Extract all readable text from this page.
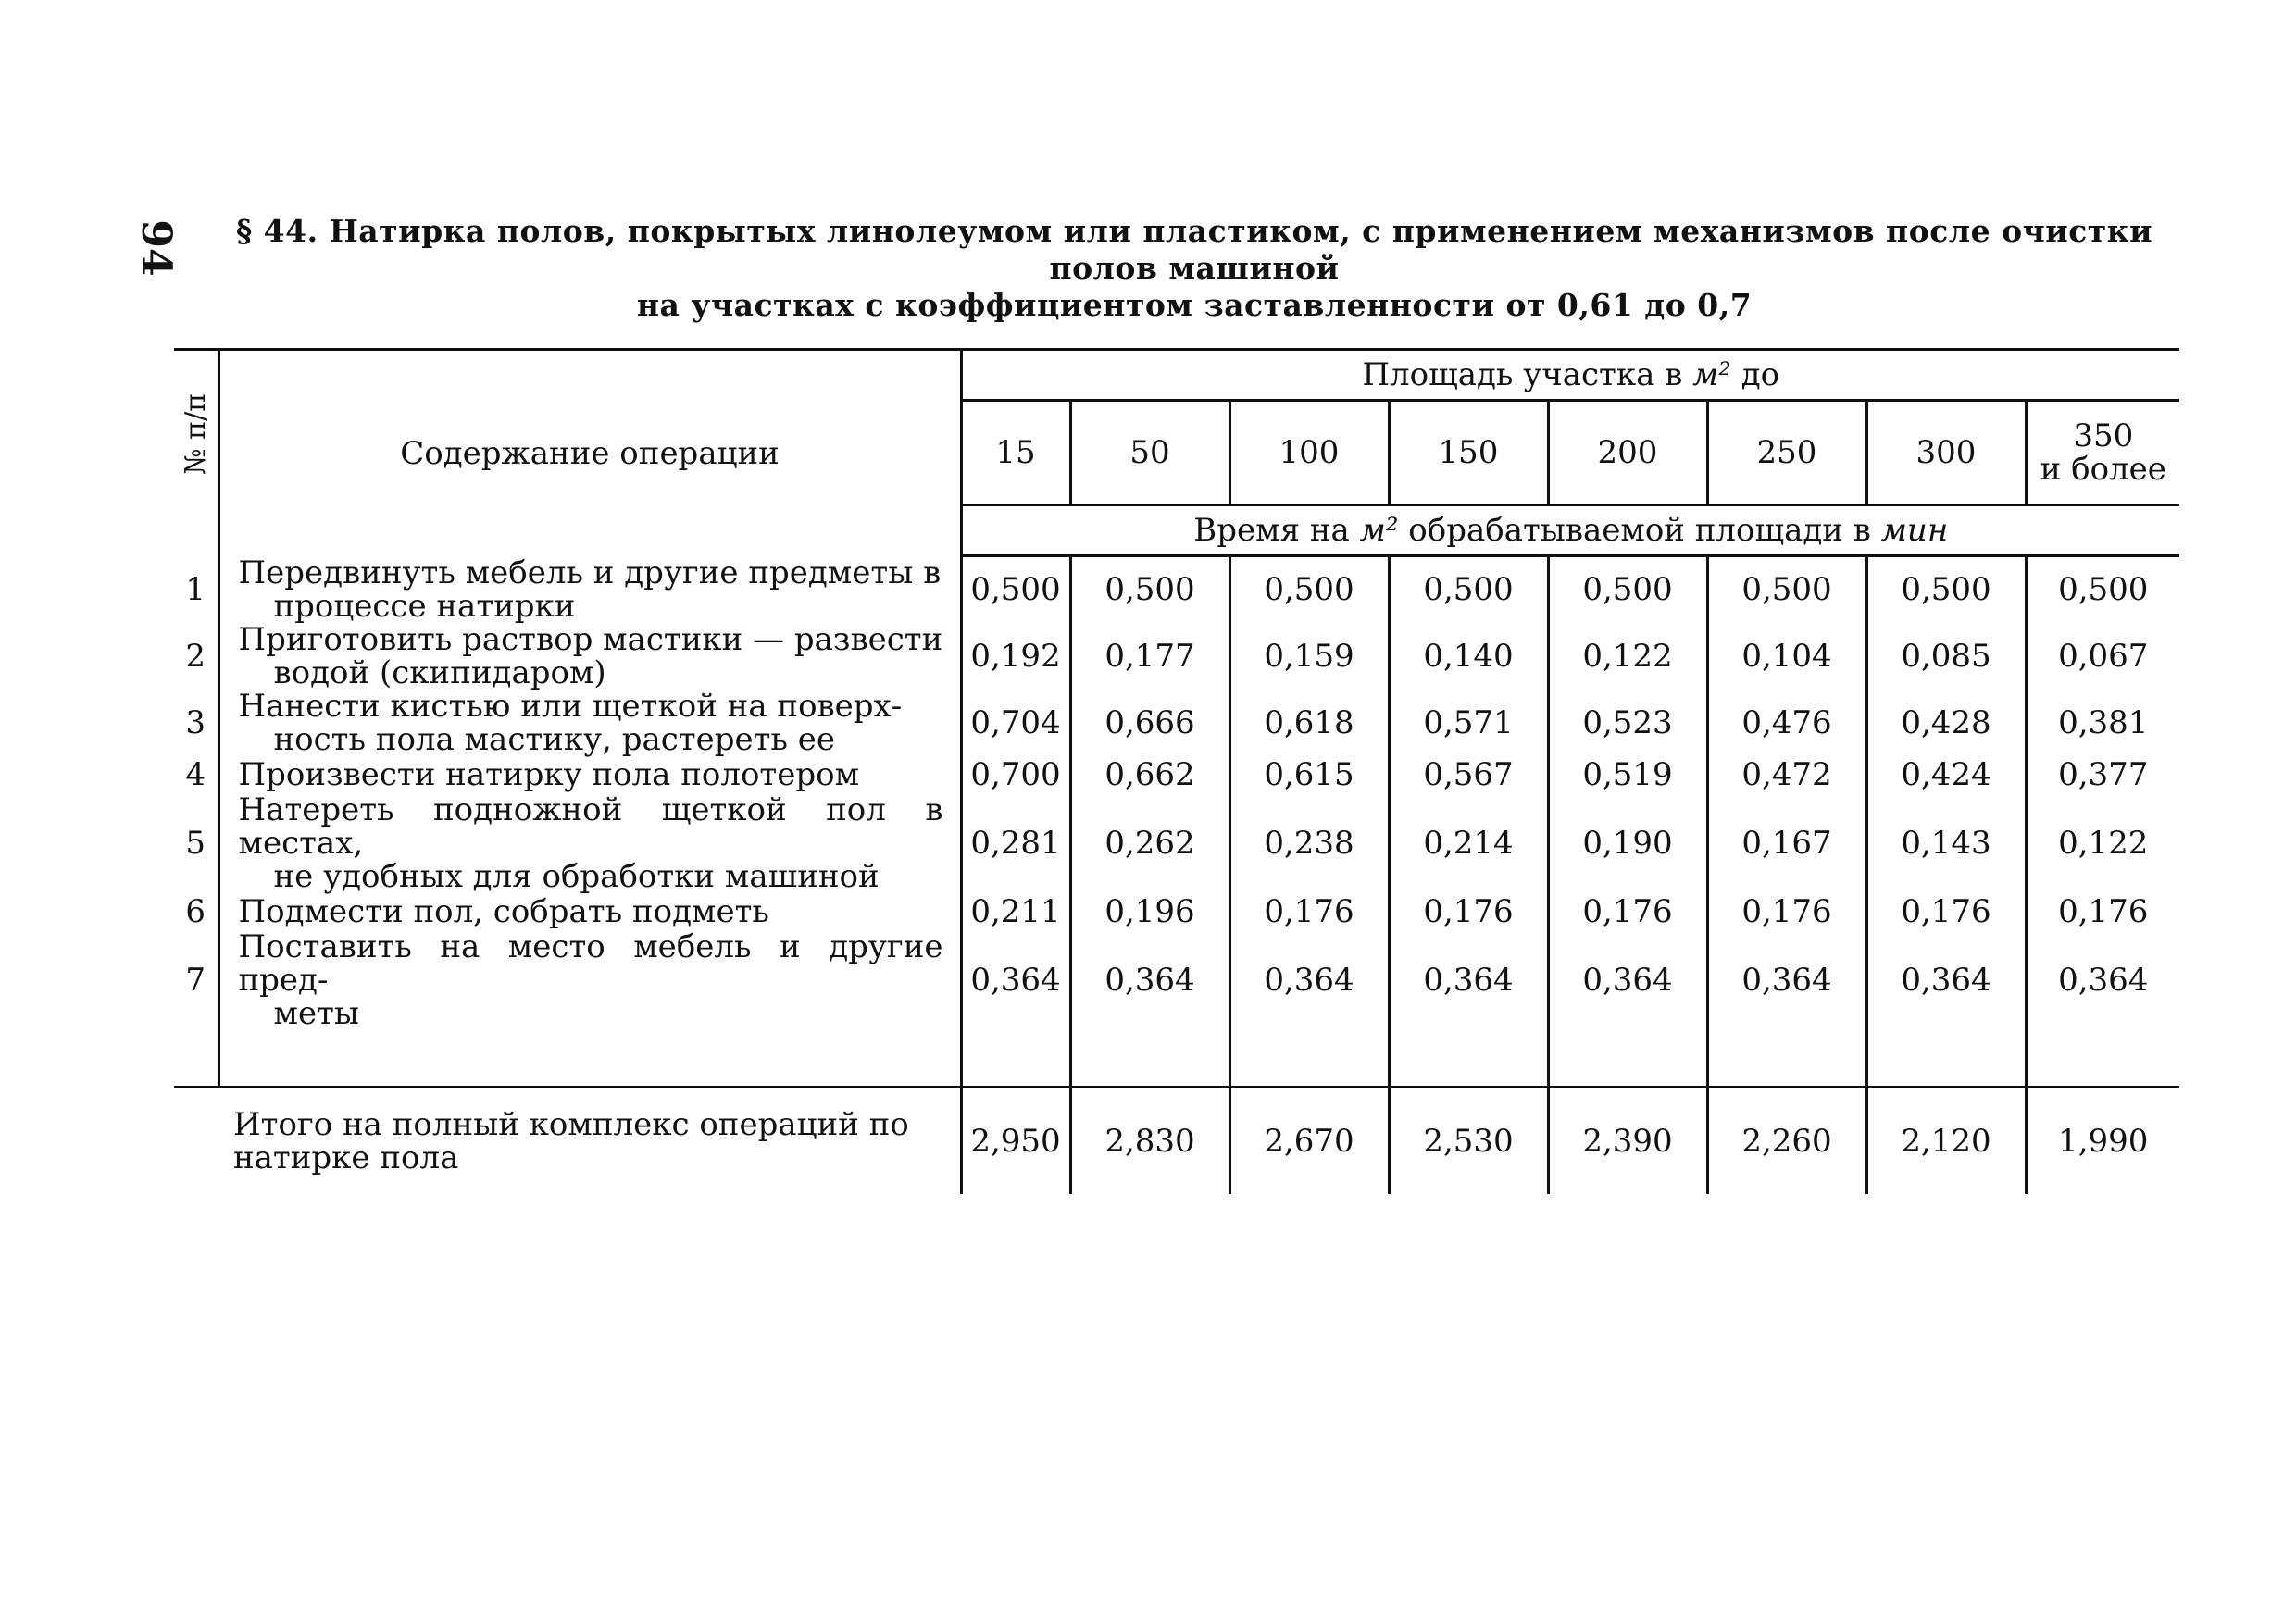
94	§ 44. Натирка полов, покрытых линолеумом или пластиком, с применением механизмов после очистки полов машиной
на участках с коэффициентом заставленности от 0,61 до 0,7
№ п/п	Содержание операции	Площадь участка в м² до							
		15	50	100	150	200	250	300	350
и более
		Время на м² обрабатываемой площади в мин							
1	Передвинуть мебель и другие предметы в
процессе натирки	0,500	0,500	0,500	0,500	0,500	0,500	0,500	0,500
2	Приготовить раствор мастики — развести
водой (скипидаром)	0,192	0,177	0,159	0,140	0,122	0,104	0,085	0,067
3	Нанести кистью или щеткой на поверх-
ность пола мастику, растереть ее	0,704	0,666	0,618	0,571	0,523	0,476	0,428	0,381
4	Произвести натирку пола полотером	0,700	0,662	0,615	0,567	0,519	0,472	0,424	0,377
5	Натереть подножной щеткой пол в местах,
не удобных для обработки машиной	0,281	0,262	0,238	0,214	0,190	0,167	0,143	0,122
6	Подмести пол, собрать подметь	0,211	0,196	0,176	0,176	0,176	0,176	0,176	0,176
7	Поставить на место мебель и другие пред-
меты	0,364	0,364	0,364	0,364	0,364	0,364	0,364	0,364

Итого на полный комплекс операций по
натирке пола		2,950	2,830	2,670	2,530	2,390	2,260	2,120	1,990
